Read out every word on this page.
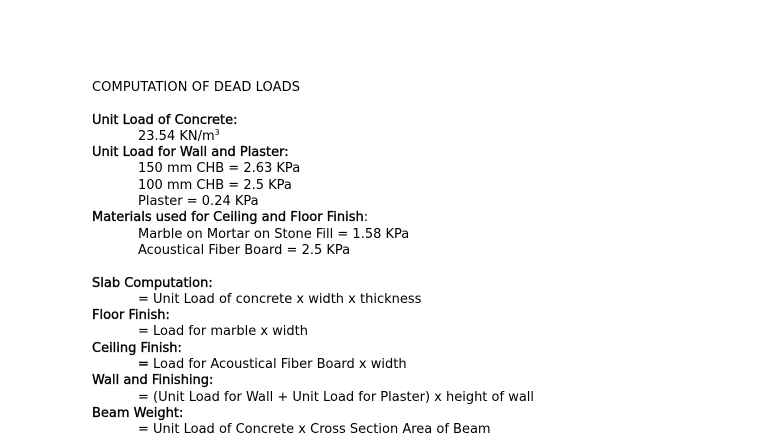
COMPUTATION OF DEAD LOADS
Unit Load of Concrete:
23.54 $KN/m^3$
Unit Load for Wall and Plaster:
150 mm CHB = 2.63 KPa
100 mm CHB = 2.5 KPa
Plaster = 0.24 KPa
Materials used for Ceiling and Floor Finish:
Marble on Mortar on Stone Fill = 1.58 KPa
Acoustical Fiber Board = 2.5 KPa
Slab Computation:
= Unit Load of concrete x width x thickness
Floor Finish:
= Load for marble x width
Ceiling Finish:
= Load for Acoustical Fiber Board x width
Wall and Finishing:
= (Unit Load for Wall + Unit Load for Plaster) x height of wall
Beam Weight:
= Unit Load of Concrete x Cross Section Area of Beam
